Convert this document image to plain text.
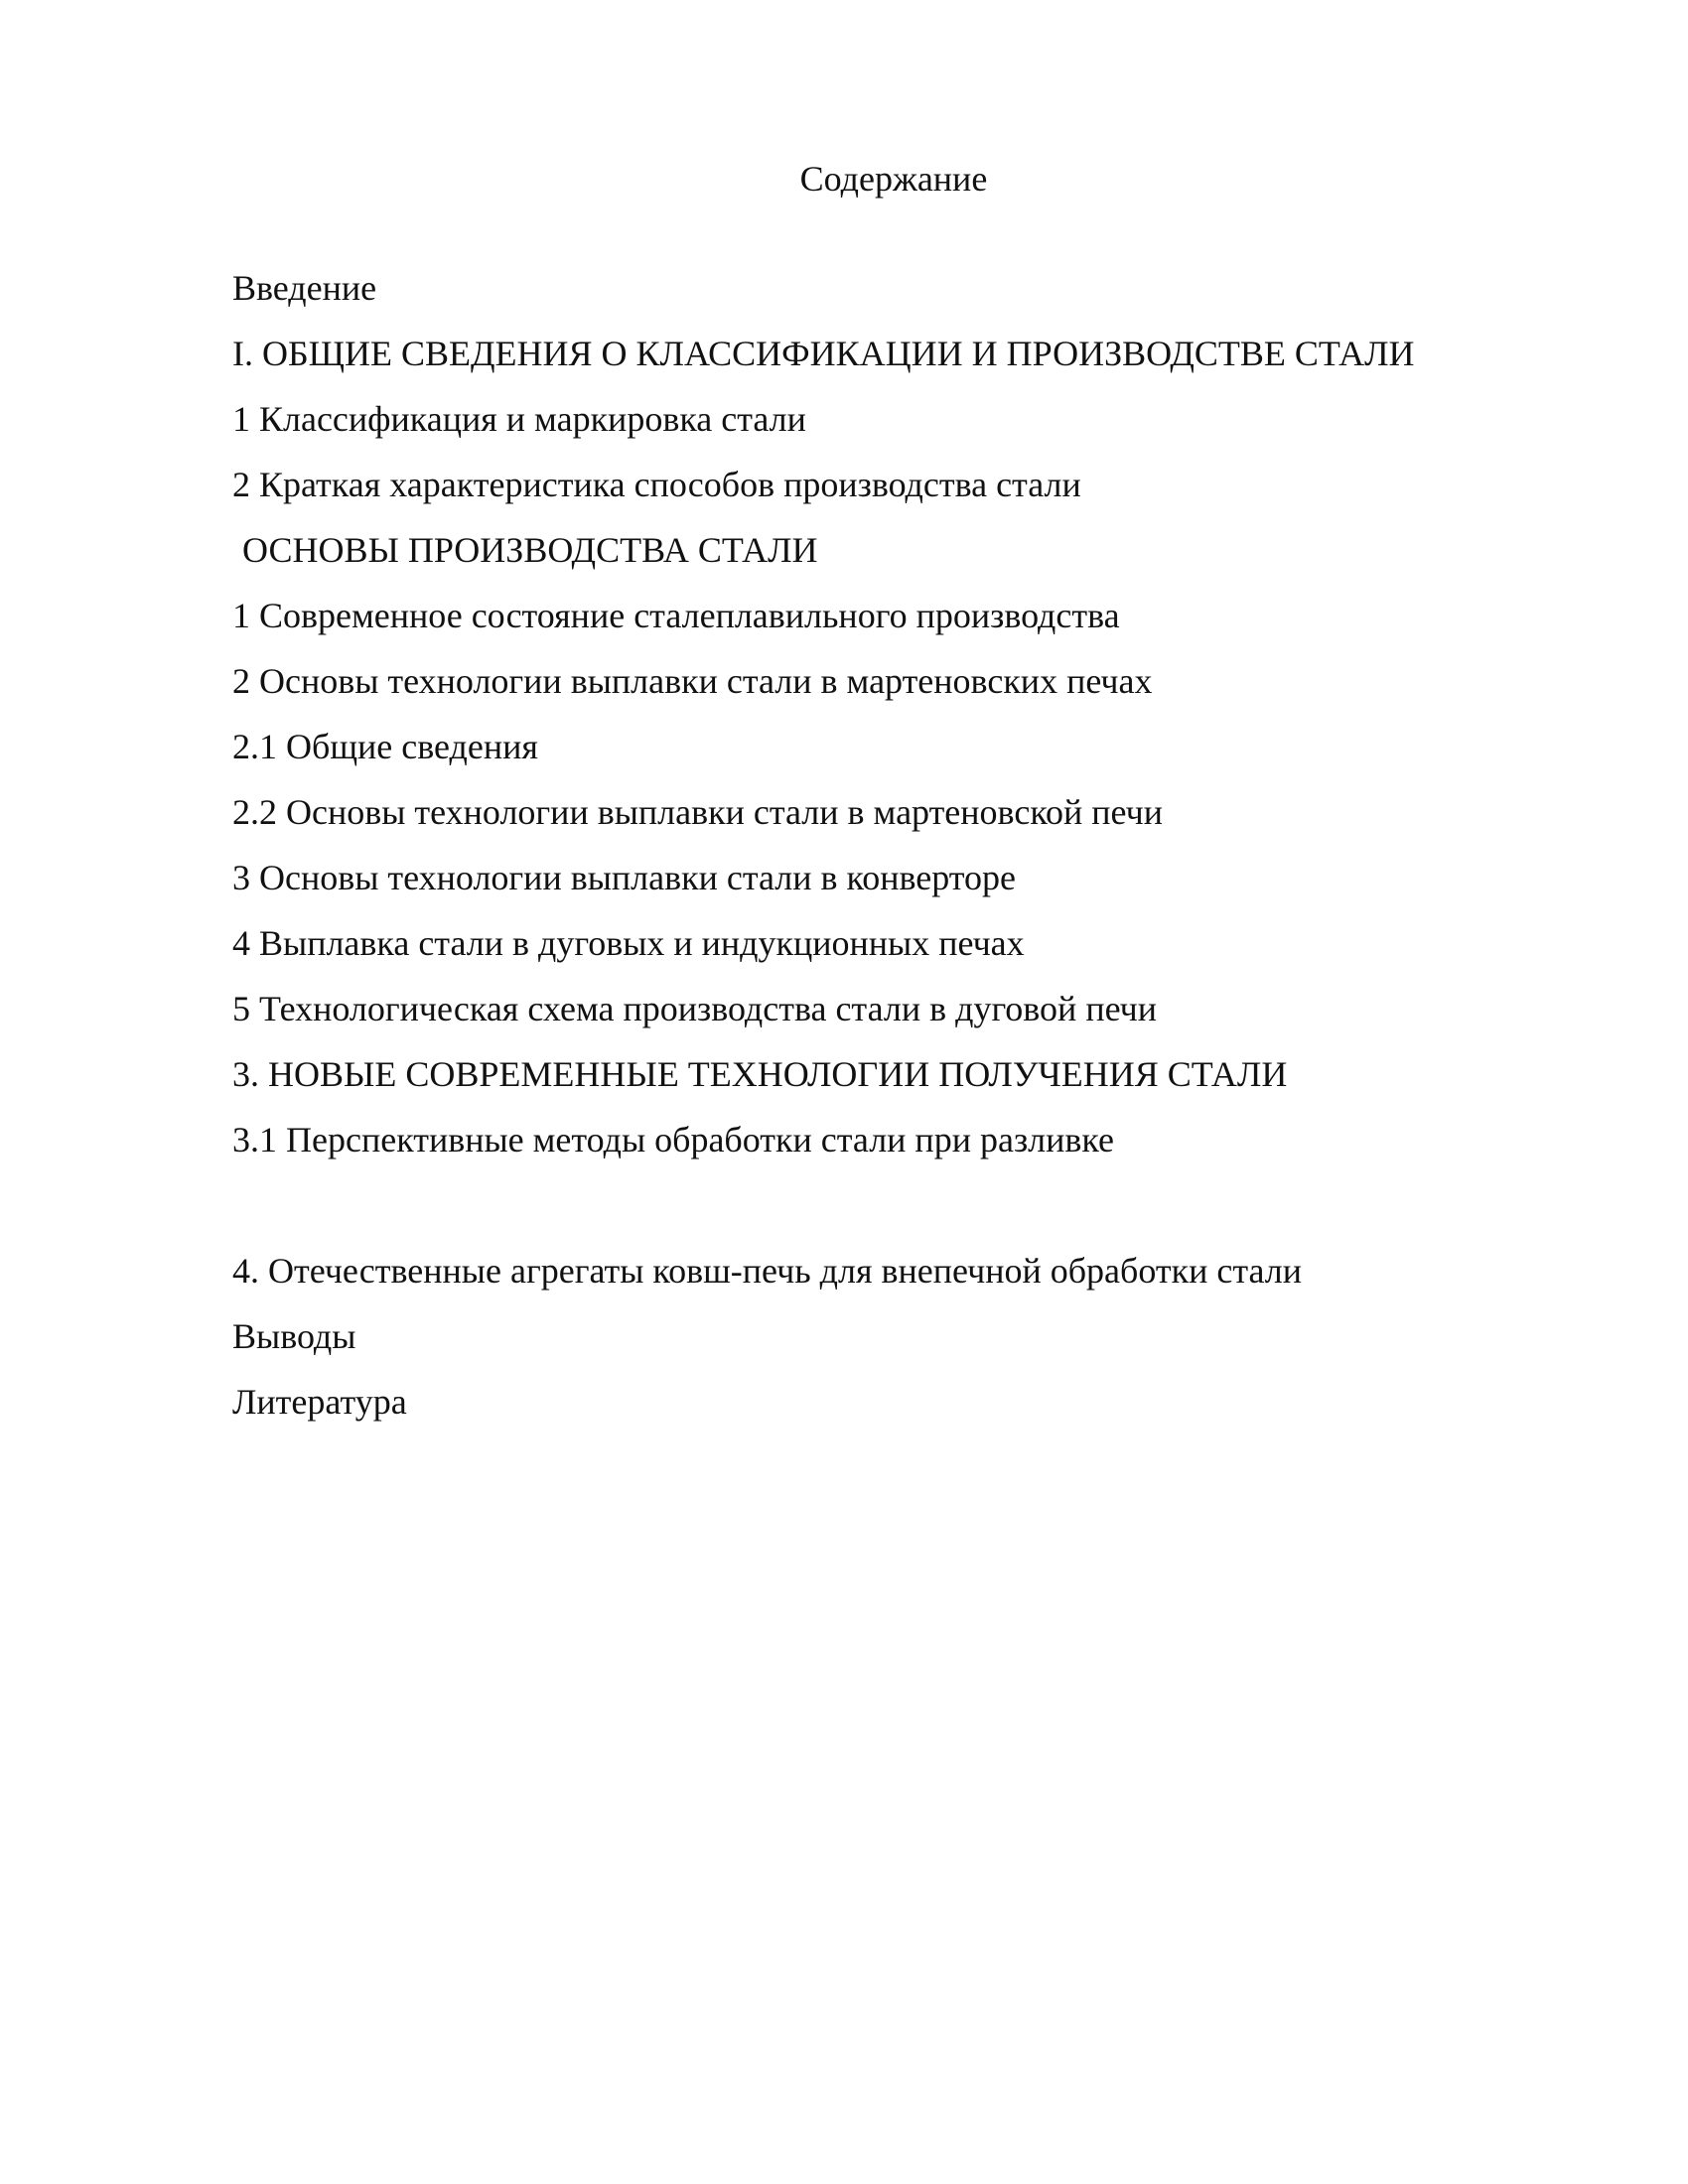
Содержание
Введение
I. ОБЩИЕ СВЕДЕНИЯ О КЛАССИФИКАЦИИ И ПРОИЗВОДСТВЕ СТАЛИ
1 Классификация и маркировка стали
2 Краткая характеристика способов производства стали
ОСНОВЫ ПРОИЗВОДСТВА СТАЛИ
1 Современное состояние сталеплавильного производства
2 Основы технологии выплавки стали в мартеновских печах
2.1 Общие сведения
2.2 Основы технологии выплавки стали в мартеновской печи
3 Основы технологии выплавки стали в конверторе
4 Выплавка стали в дуговых и индукционных печах
5 Технологическая схема производства стали в дуговой печи
3. НОВЫЕ СОВРЕМЕННЫЕ ТЕХНОЛОГИИ ПОЛУЧЕНИЯ СТАЛИ
3.1 Перспективные методы обработки стали при разливке
4. Отечественные агрегаты ковш-печь для внепечной обработки стали
Выводы
Литература
